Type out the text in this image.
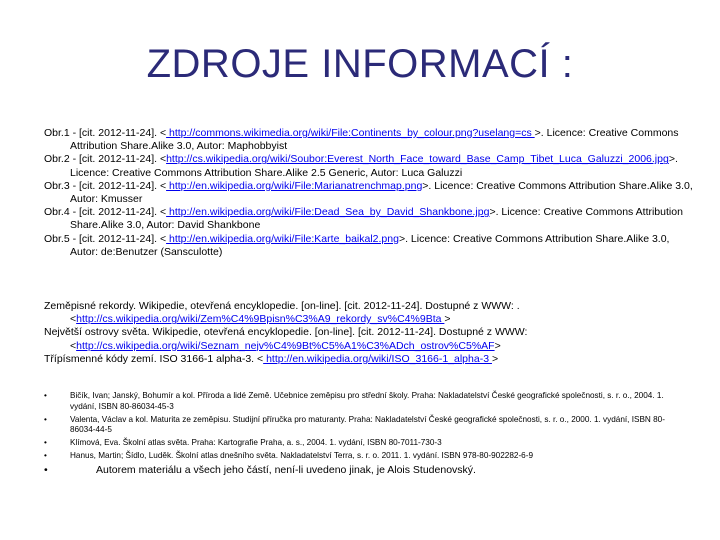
ZDROJE INFORMACÍ :

Obr.1 - [cit. 2012-11-24]. < http://commons.wikimedia.org/wiki/File:Continents_by_colour.png?uselang=cs >. Licence: Creative Commons Attribution Share.Alike 3.0, Autor: Maphobbyist

Obr.2 - [cit. 2012-11-24]. <http://cs.wikipedia.org/wiki/Soubor:Everest_North_Face_toward_Base_Camp_Tibet_Luca_Galuzzi_2006.jpg>. Licence: Creative Commons Attribution Share.Alike 2.5 Generic, Autor: Luca Galuzzi

Obr.3 - [cit. 2012-11-24]. < http://en.wikipedia.org/wiki/File:Marianatrenchmap.png>. Licence: Creative Commons Attribution Share.Alike 3.0, Autor: Kmusser

Obr.4 - [cit. 2012-11-24]. < http://en.wikipedia.org/wiki/File:Dead_Sea_by_David_Shankbone.jpg>. Licence: Creative Commons Attribution Share.Alike 3.0, Autor: David Shankbone

Obr.5 - [cit. 2012-11-24]. < http://en.wikipedia.org/wiki/File:Karte_baikal2.png>. Licence: Creative Commons Attribution Share.Alike 3.0, Autor: de:Benutzer (Sansculotte)

Zeměpisné rekordy. Wikipedie, otevřená encyklopedie. [on-line]. [cit. 2012-11-24]. Dostupné z WWW: .<http://cs.wikipedia.org/wiki/Zem%C4%9Bpisn%C3%A9_rekordy_sv%C4%9Bta >

Největší ostrovy světa. Wikipedie, otevřená encyklopedie. [on-line]. [cit. 2012-11-24]. Dostupné z WWW: <http://cs.wikipedia.org/wiki/Seznam_nejv%C4%9Bt%C5%A1%C3%ADch_ostrov%C5%AF>

Třípísmenné kódy zemí. ISO 3166-1 alpha-3. < http://en.wikipedia.org/wiki/ISO_3166-1_alpha-3 >

•	Bičík, Ivan; Janský, Bohumír a kol. Příroda a lidé Země. Učebnice zeměpisu pro střední školy. Praha: Nakladatelství České geografické společnosti, s. r. o., 2004. 1. vydání, ISBN 80-86034-45-3
•	Valenta, Václav a kol. Maturita ze zeměpisu. Studijní příručka pro maturanty. Praha: Nakladatelství České geografické společnosti, s. r. o., 2000. 1. vydání, ISBN 80-86034-44-5
•	Klímová, Eva. Školní atlas světa. Praha: Kartografie Praha, a. s., 2004. 1. vydání, ISBN 80-7011-730-3
•	Hanus, Martin; Šídlo, Luděk. Školní atlas dnešního světa. Nakladatelství Terra, s. r. o. 2011. 1. vydání. ISBN 978-80-902282-6-9
•	Autorem materiálu a všech jeho částí, není-li uvedeno jinak, je Alois Studenovský.
